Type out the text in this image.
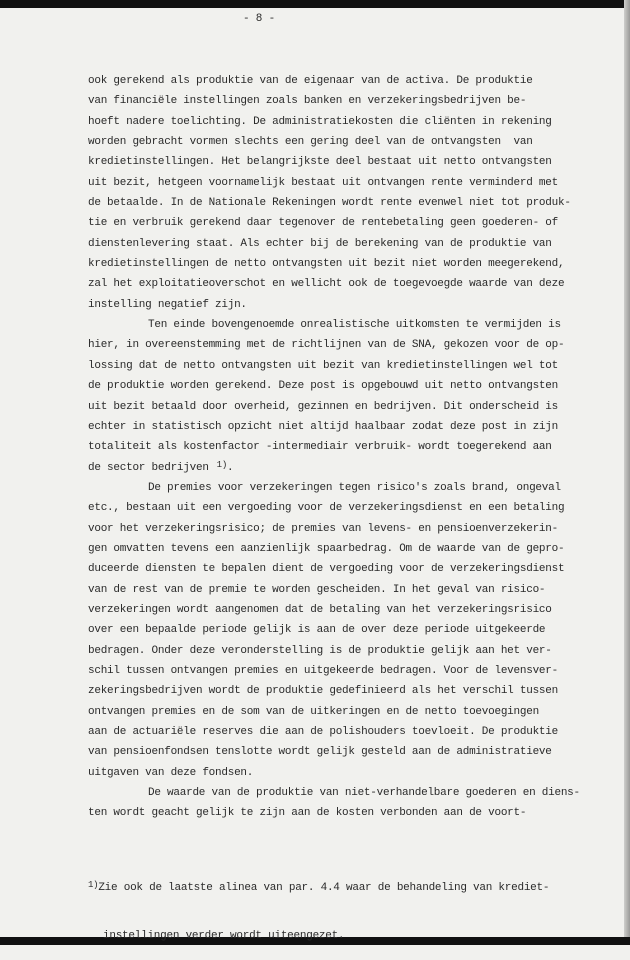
- 8 -
ook gerekend als produktie van de eigenaar van de activa. De produktie
van financiële instellingen zoals banken en verzekeringsbedrijven be-
hoeft nadere toelichting. De administratiekosten die cliënten in rekening
worden gebracht vormen slechts een gering deel van de ontvangsten  van
kredietinstellingen. Het belangrijkste deel bestaat uit netto ontvangsten
uit bezit, hetgeen voornamelijk bestaat uit ontvangen rente verminderd met
de betaalde. In de Nationale Rekeningen wordt rente evenwel niet tot produk-
tie en verbruik gerekend daar tegenover de rentebetaling geen goederen- of
dienstenlevering staat. Als echter bij de berekening van de produktie van
kredietinstellingen de netto ontvangsten uit bezit niet worden meegerekend,
zal het exploitatieoverschot en wellicht ook de toegevoegde waarde van deze
instelling negatief zijn.
Ten einde bovengenoemde onrealistische uitkomsten te vermijden is
hier, in overeenstemming met de richtlijnen van de SNA, gekozen voor de op-
lossing dat de netto ontvangsten uit bezit van kredietinstellingen wel tot
de produktie worden gerekend. Deze post is opgebouwd uit netto ontvangsten
uit bezit betaald door overheid, gezinnen en bedrijven. Dit onderscheid is
echter in statistisch opzicht niet altijd haalbaar zodat deze post in zijn
totaliteit als kostenfactor -intermediair verbruik- wordt toegerekend aan
de sector bedrijven $^{1)}$.
De premies voor verzekeringen tegen risico's zoals brand, ongeval
etc., bestaan uit een vergoeding voor de verzekeringsdienst en een betaling
voor het verzekeringsrisico; de premies van levens- en pensioenverzekerin-
gen omvatten tevens een aanzienlijk spaarbedrag. Om de waarde van de gepro-
duceerde diensten te bepalen dient de vergoeding voor de verzekeringsdienst
van de rest van de premie te worden gescheiden. In het geval van risico-
verzekeringen wordt aangenomen dat de betaling van het verzekeringsrisico
over een bepaalde periode gelijk is aan de over deze periode uitgekeerde
bedragen. Onder deze veronderstelling is de produktie gelijk aan het ver-
schil tussen ontvangen premies en uitgekeerde bedragen. Voor de levensver-
zekeringsbedrijven wordt de produktie gedefinieerd als het verschil tussen
ontvangen premies en de som van de uitkeringen en de netto toevoegingen
aan de actuariële reserves die aan de polishouders toevloeit. De produktie
van pensioenfondsen tenslotte wordt gelijk gesteld aan de administratieve
uitgaven van deze fondsen.
De waarde van de produktie van niet-verhandelbare goederen en diens-
ten wordt geacht gelijk te zijn aan de kosten verbonden aan de voort-

$^{1)}$Zie ook de laatste alinea van par. 4.4 waar de behandeling van krediet-

instellingen verder wordt uiteengezet.
